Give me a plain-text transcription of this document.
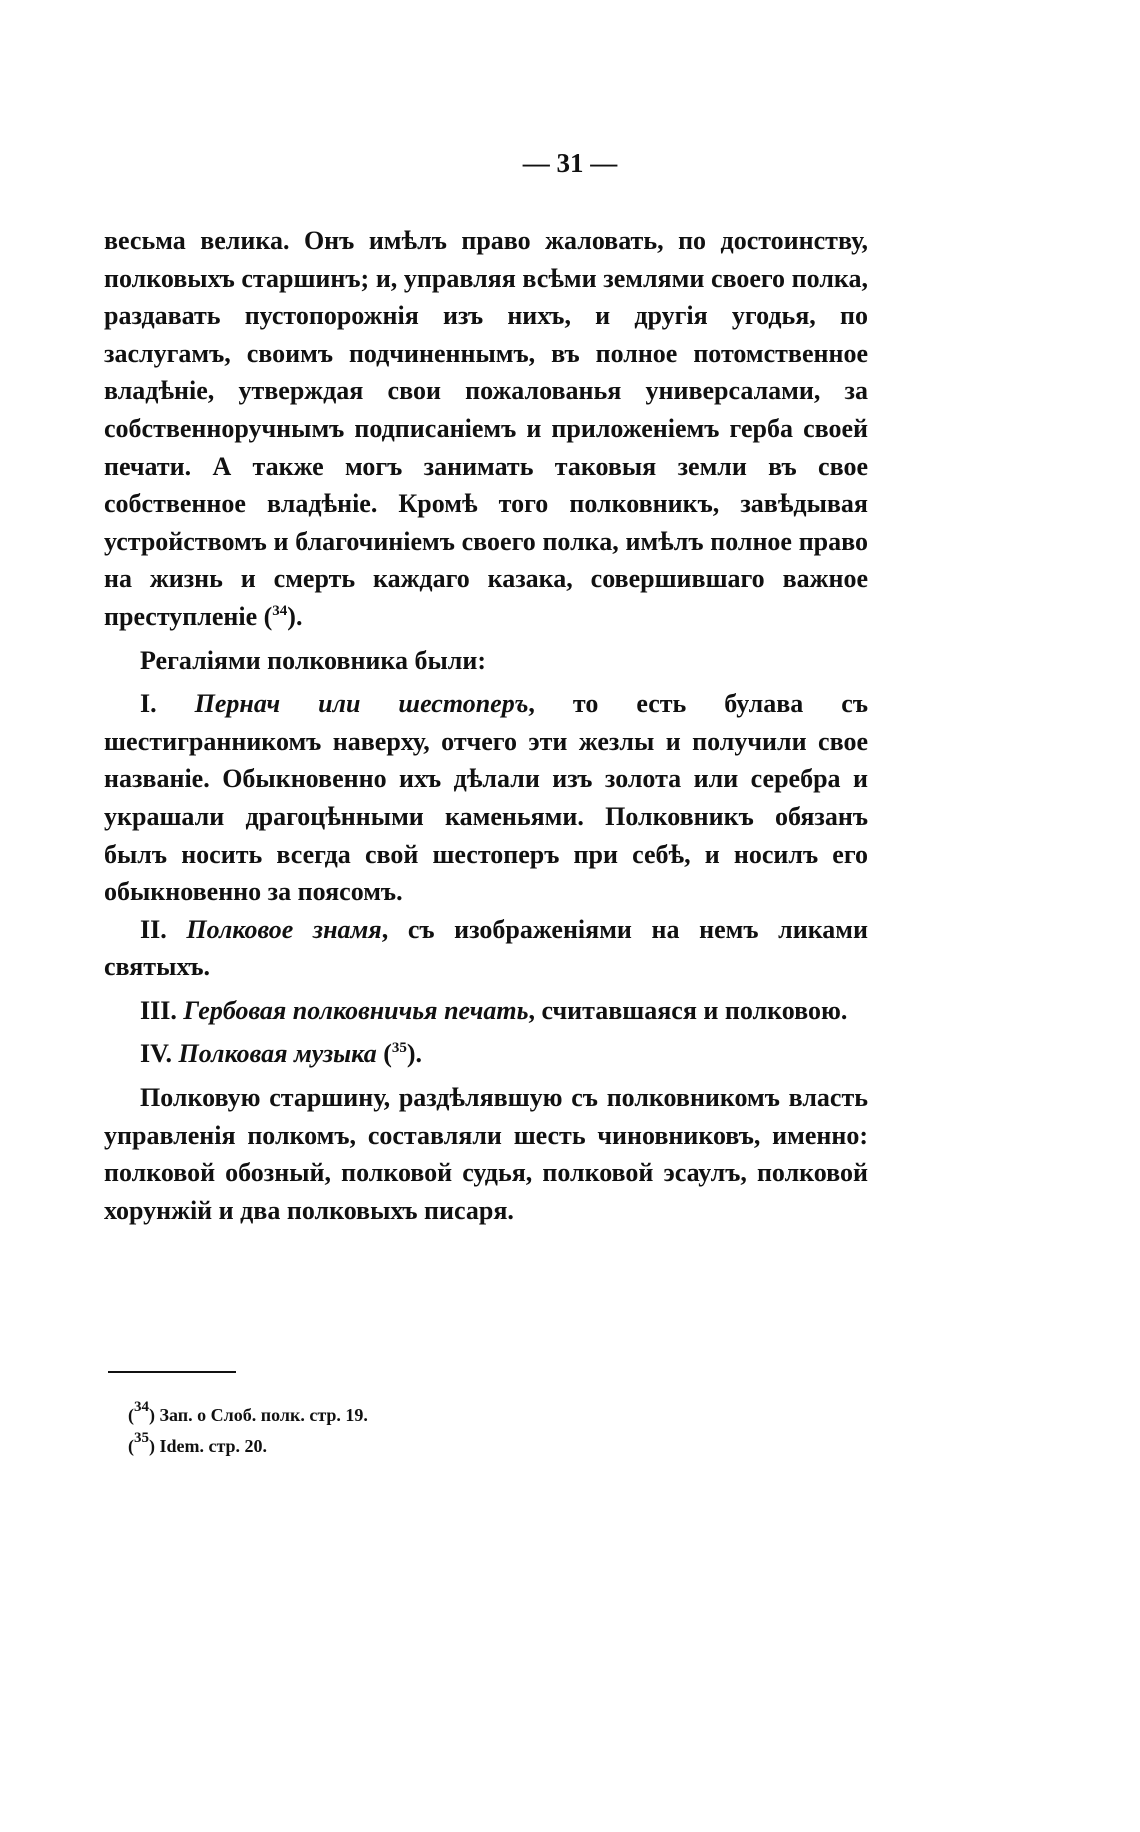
— 31 —

весьма велика. Онъ имѣлъ право жаловать, по достоинству, полковыхъ старшинъ; и, управляя всѣми землями своего полка, раздавать пустопорожнія изъ нихъ, и другія угодья, по заслугамъ, своимъ подчиненнымъ, въ полное потомственное владѣніе, утверждая свои пожалованья универсалами, за собственноручнымъ подписаніемъ и приложеніемъ герба своей печати. А также могъ занимать таковыя земли въ свое собственное владѣніе. Кромѣ того полковникъ, завѣдывая устройствомъ и благочиніемъ своего полка, имѣлъ полное право на жизнь и смерть каждаго казака, совершившаго важное преступленіе ($^{34}$).

Регаліями полковника были:

I. Пернач или шестоперъ, то есть булава съ шестигранникомъ наверху, отчего эти жезлы и получили свое названіе. Обыкновенно ихъ дѣлали изъ золота или серебра и украшали драгоцѣнными каменьями. Полковникъ обязанъ былъ носить всегда свой шестоперъ при себѣ, и носилъ его обыкновенно за поясомъ.

II. Полковое знамя, съ изображеніями на немъ ликами святыхъ.

III. Гербовая полковничья печать, считавшаяся и полковою.

IV. Полковая музыка ($^{35}$).

Полковую старшину, раздѣлявшую съ полковникомъ власть управленія полкомъ, составляли шесть чиновниковъ, именно: полковой обозный, полковой судья, полковой эсаулъ, полковой хорунжій и два полковыхъ писаря.

($^{34}$) Зап. о Слоб. полк. стр. 19.
($^{35}$) Idem. стр. 20.
